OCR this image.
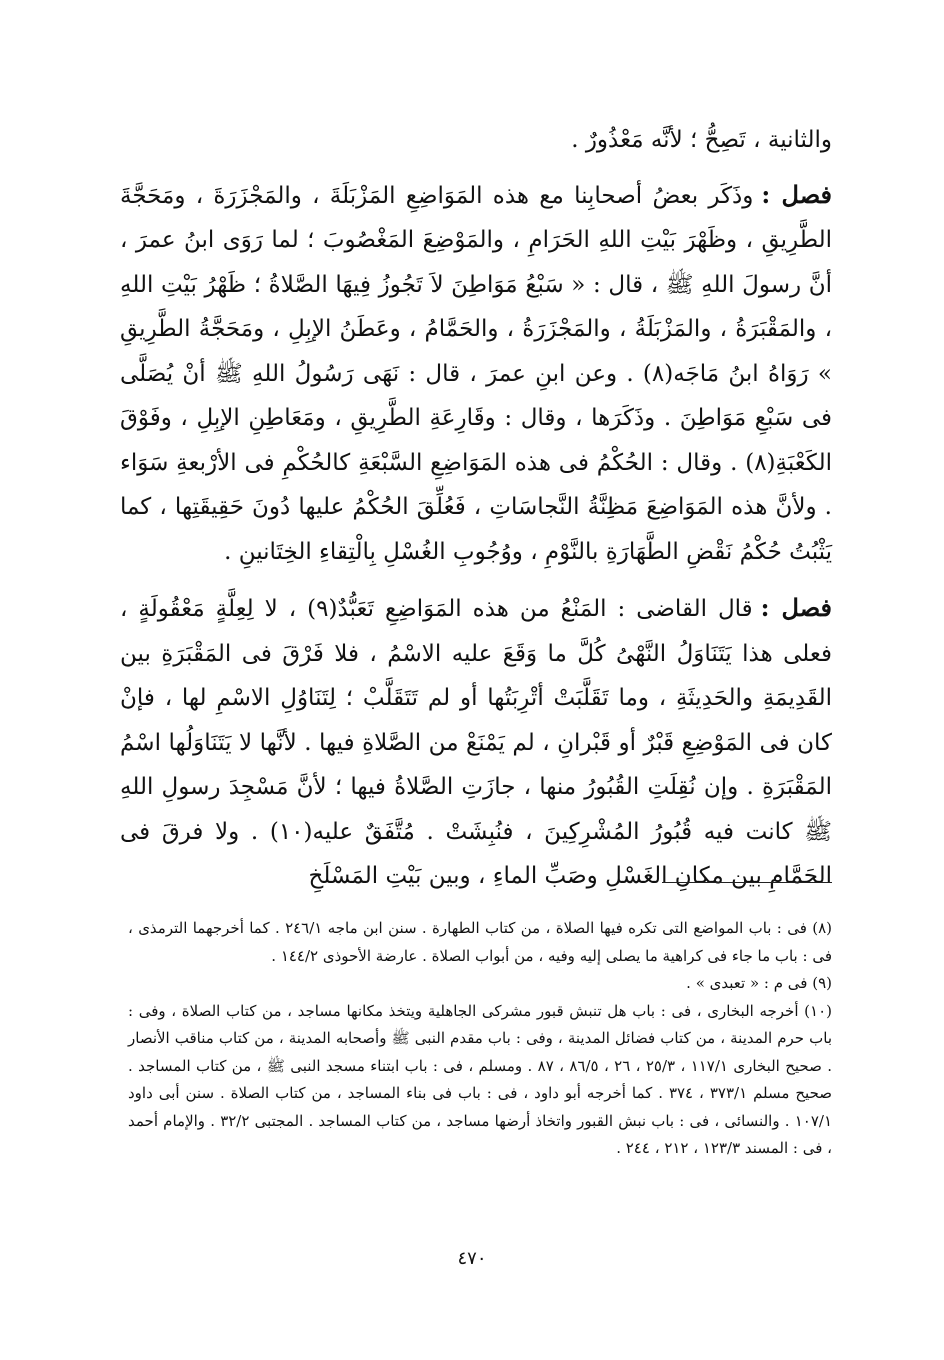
والثانية ، تَصِحُّ ؛ لأنَّه مَعْذُورٌ .

فصل :وذَكَر بعضُ أصحابِنا مع هذه المَوَاضِعِ المَزْبَلَةَ ، والمَجْزَرَةَ ، ومَحَجَّةَ الطَّرِيقِ ، وظَهْرَ بَيْتِ اللهِ الحَرَامِ ، والمَوْضِعَ المَغْصُوبَ ؛ لما رَوَى ابنُ عمرَ ، أنَّ رسولَ اللهِ ﷺ ، قال : « سَبْعُ مَوَاطِنَ لاَ تَجُوزُ فِيهَا الصَّلاةُ ؛ ظَهْرُ بَيْتِ اللهِ ، والمَقْبَرَةُ ، والمَزْبَلَةُ ، والمَجْزَرَةُ ، والحَمَّامُ ، وعَطَنُ الإبِلِ ، ومَحَجَّةُ الطَّرِيقِ » رَوَاهُ ابنُ مَاجَه(٨) . وعن ابنِ عمرَ ، قال : نَهَى رَسُولُ اللهِ ﷺ أنْ يُصَلَّى فى سَبْعِ مَوَاطِنَ . وذَكَرَها ، وقال : وقَارِعَةِ الطَّرِيقِ ، ومَعَاطِنِ الإبِلِ ، وفَوْقَ الكَعْبَةِ(٨) . وقال : الحُكْمُ فى هذه المَوَاضِعِ السَّبْعَةِ كالحُكْمِ فى الأرْبعةِ سَوَاء . ولأنَّ هذه المَوَاضِعَ مَظِنَّةُ النَّجاسَاتِ ، فَعُلِّقَ الحُكْمُ عليها دُونَ حَقِيقَتِها ، كما يَثْبُتُ حُكْمُ نَقْضِ الطَّهَارَةِ بالنَّوْمِ ، ووُجُوبِ الغُسْلِ بِالْتِقاءِ الخِتَانينِ .

فصل :قال القاضى : المَنْعُ من هذه المَوَاضِعِ تَعَبُّدٌ(٩) ، لا لِعِلَّةٍ مَعْقُولَةٍ ، فعلى هذا يَتَنَاوَلُ النَّهْىُ كُلَّ ما وَقَعَ عليه الاسْمُ ، فلا فَرْقَ فى المَقْبَرَةِ بين القَدِيمَةِ والحَدِيثَةِ ، وما تَقَلَّبَتْ أتْرِبَتُها أو لم تَتَقَلَّبْ ؛ لِتَنَاوُلِ الاسْمِ لها ، فإنْ كان فى المَوْضِعِ قَبْرٌ أو قَبْرانِ ، لم يَمْنَعْ من الصَّلاةِ فيها . لأنَّها لا يَتَنَاوَلُها اسْمُ المَقْبَرَةِ . وإن نُقِلَتِ القُبُورُ منها ، جازَتِ الصَّلاةُ فيها ؛ لأنَّ مَسْجِدَ رسولِ اللهِ ﷺ كانت فيه قُبُورُ المُشْرِكِينَ ، فنُبِشَتْ . مُتَّفَقٌ عليه(١٠) . ولا فرقَ فى الحَمَّامِ بين مكانِ الغَسْلِ وصَبِّ الماءِ ، وبين بَيْتِ المَسْلَخِ

(٨) فى : باب المواضع التى تكره فيها الصلاة ، من كتاب الطهارة . سنن ابن ماجه ٢٤٦/١ . كما أخرجهما الترمذى ، فى : باب ما جاء فى كراهية ما يصلى إليه وفيه ، من أبواب الصلاة . عارضة الأحوذى ١٤٤/٢ .

(٩) فى م : « تعبدى » .

(١٠) أخرجه البخارى ، فى : باب هل تنبش قبور مشركى الجاهلية ويتخذ مكانها مساجد ، من كتاب الصلاة ، وفى : باب حرم المدينة ، من كتاب فضائل المدينة ، وفى : باب مقدم النبى ﷺ وأصحابه المدينة ، من كتاب مناقب الأنصار . صحيح البخارى ١١٧/١ ، ٢٥/٣ ، ٢٦ ، ٨٦/٥ ، ٨٧ . ومسلم ، فى : باب ابتناء مسجد النبى ﷺ ، من كتاب المساجد . صحيح مسلم ٣٧٣/١ ، ٣٧٤ . كما أخرجه أبو داود ، فى : باب فى بناء المساجد ، من كتاب الصلاة . سنن أبى داود ١٠٧/١ . والنسائى ، فى : باب نبش القبور واتخاذ أرضها مساجد ، من كتاب المساجد . المجتبى ٣٢/٢ . والإمام أحمد ، فى : المسند ١٢٣/٣ ، ٢١٢ ، ٢٤٤ .

٤٧٠
